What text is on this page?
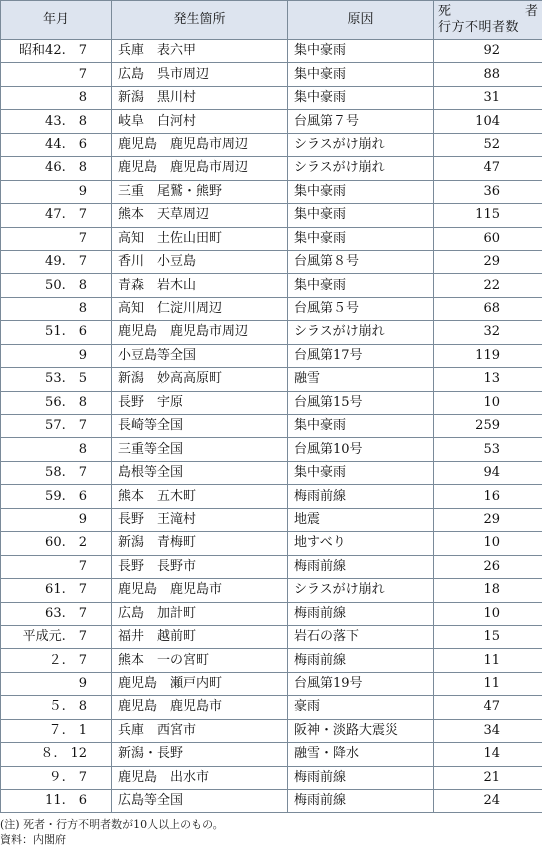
年月	発生箇所	原因	死　　　　　者
行方不明者数

昭和42.　7	兵庫　表六甲	集中豪雨	92
7	広島　呉市周辺	集中豪雨	88
8	新潟　黒川村	集中豪雨	31
43.　8	岐阜　白河村	台風第７号	104
44.　6	鹿児島　鹿児島市周辺	シラスがけ崩れ	52
46.　8	鹿児島　鹿児島市周辺	シラスがけ崩れ	47
9	三重　尾鷲・熊野	集中豪雨	36
47.　7	熊本　天草周辺	集中豪雨	115
7	高知　土佐山田町	集中豪雨	60
49.　7	香川　小豆島	台風第８号	29
50.　8	青森　岩木山	集中豪雨	22
8	高知　仁淀川周辺	台風第５号	68
51.　6	鹿児島　鹿児島市周辺	シラスがけ崩れ	32
9	小豆島等全国	台風第17号	119
53.　5	新潟　妙高高原町	融雪	13
56.　8	長野　宇原	台風第15号	10
57.　7	長崎等全国	集中豪雨	259
8	三重等全国	台風第10号	53
58.　7	島根等全国	集中豪雨	94
59.　6	熊本　五木町	梅雨前線	16
9	長野　王滝村	地震	29
60.　2	新潟　青梅町	地すべり	10
7	長野　長野市	梅雨前線	26
61.　7	鹿児島　鹿児島市	シラスがけ崩れ	18
63.　7	広島　加計町	梅雨前線	10
平成元.　7	福井　越前町	岩石の落下	15
２.　7	熊本　一の宮町	梅雨前線	11
9	鹿児島　瀬戸内町	台風第19号	11
５.　8	鹿児島　鹿児島市	豪雨	47
７.　1	兵庫　西宮市	阪神・淡路大震災	34
８.　12	新潟・長野	融雪・降水	14
９.　7	鹿児島　出水市	梅雨前線	21
11.　6	広島等全国	梅雨前線	24
(注) 死者・行方不明者数が10人以上のもの。
資料：内閣府
